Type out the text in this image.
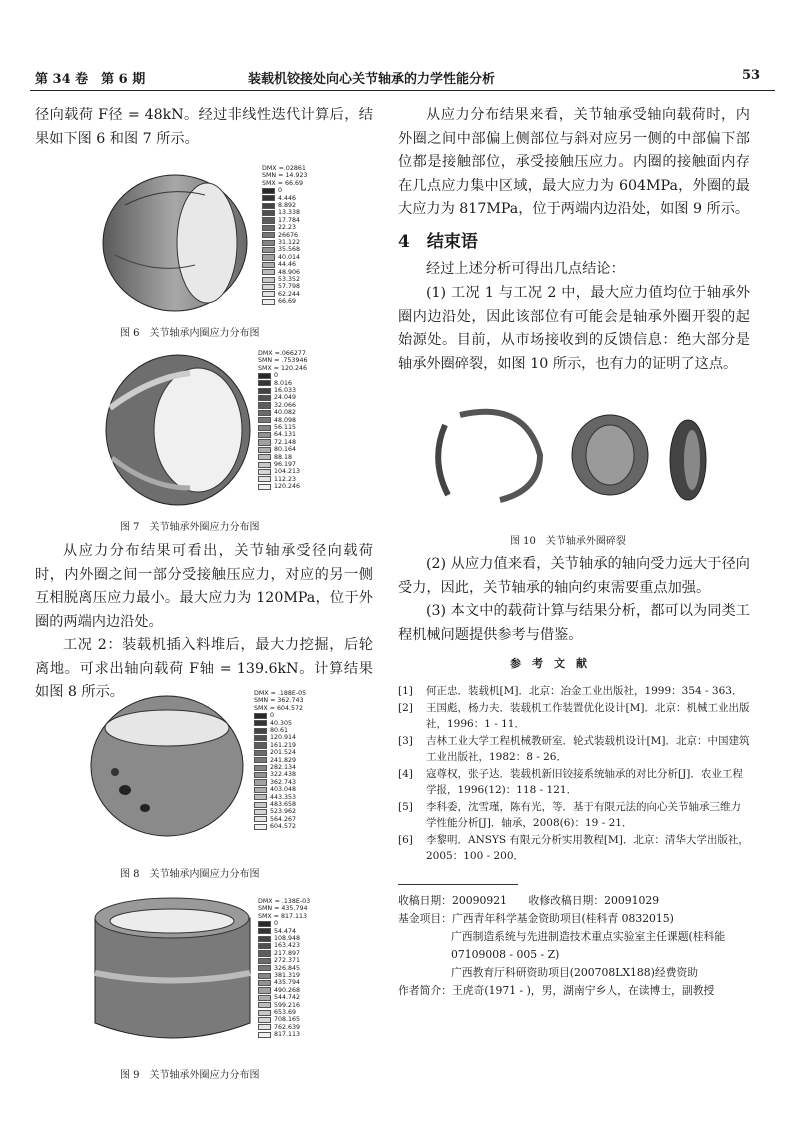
第 34 卷　第 6 期	装载机铰接处向心关节轴承的力学性能分析	53

径向载荷 F径 = 48kN。经过非线性迭代计算后，结果如下图 6 和图 7 所示。

DMX =.02861
SMN = 14.923
SMX = 66.69
0
4.446
8.892
13.338
17.784
22.23
26676
31.122
35.568
40.014
44.46
48.906
53.352
57.798
62.244
66.69
图 6　关节轴承内圈应力分布图
DMX =.066277
SMN = .753946
SMX = 120.246
0
8.016
16.033
24.049
32.066
40.082
48.098
56.115
64.131
72.148
80.164
88.18
96.197
104.213
112.23
120.246
图 7　关节轴承外圈应力分布图

从应力分布结果可看出，关节轴承受径向载荷时，内外圈之间一部分受接触压应力，对应的另一侧互相脱离压应力最小。最大应力为 120MPa，位于外圈的两端内边沿处。

工况 2：装载机插入料堆后，最大力挖掘，后轮离地。可求出轴向载荷 F轴 = 139.6kN。计算结果如图 8 所示。	DMX = .188E-05
SMN = 362.743
SMX = 604.572
0
40.305
80.61
120.914
161.219
201.524
241.829
282.134
322.438
362.743
403.048
443.353
483.658
523.962
564.267
604.572
图 8　关节轴承内圈应力分布图
DMX = .138E-03
SMN = 435.794
SMX = 817.113
0
54.474
108.948
163.423
217.897
272.371
326.845
381.319
435.794
490.268
544.742
599.216
653.69
708.165
762.639
817.113
图 9　关节轴承外圈应力分布图

从应力分布结果来看，关节轴承受轴向载荷时，内外圈之间中部偏上侧部位与斜对应另一侧的中部偏下部位都是接触部位，承受接触压应力。内圈的接触面内存在几点应力集中区域，最大应力为 604MPa，外圈的最大应力为 817MPa，位于两端内边沿处，如图 9 所示。

4　结束语

经过上述分析可得出几点结论：

(1) 工况 1 与工况 2 中，最大应力值均位于轴承外圈内边沿处，因此该部位有可能会是轴承外圈开裂的起始源处。目前，从市场接收到的反馈信息：绝大部分是轴承外圈碎裂，如图 10 所示，也有力的证明了这点。

图 10　关节轴承外圈碎裂

(2) 从应力值来看，关节轴承的轴向受力远大于径向受力，因此，关节轴承的轴向约束需要重点加强。

(3) 本文中的载荷计算与结果分析，都可以为同类工程机械问题提供参考与借鉴。

参　考　文　献
[1]	何正忠．装载机[M]．北京：冶金工业出版社，1999：354 - 363．
[2]	王国彪，杨力夫．装载机工作装置优化设计[M]．北京：机械工业出版社，1996：1 - 11．
[3]	吉林工业大学工程机械教研室．轮式装载机设计[M]．北京：中国建筑工业出版社，1982：8 - 26．
[4]	寇尊权，张子达．装载机新旧铰接系统轴承的对比分析[J]．农业工程学报，1996(12)：118 - 121．
[5]	李科委，沈雪瑾，陈有光，等．基于有限元法的向心关节轴承三维力学性能分析[J]．轴承，2008(6)：19 - 21．
[6]	李黎明．ANSYS 有限元分析实用教程[M]．北京：清华大学出版社，2005：100 - 200．
收稿日期：20090921　　收修改稿日期：20091029
基金项目：广西青年科学基金资助项目(桂科青 0832015)
广西制造系统与先进制造技术重点实验室主任课题(桂科能 07109008 - 005 - Z)
广西教育厅科研资助项目(200708LX188)经费资助
作者简介：王虎奇(1971 - )，男，湖南宁乡人，在读博士，副教授
